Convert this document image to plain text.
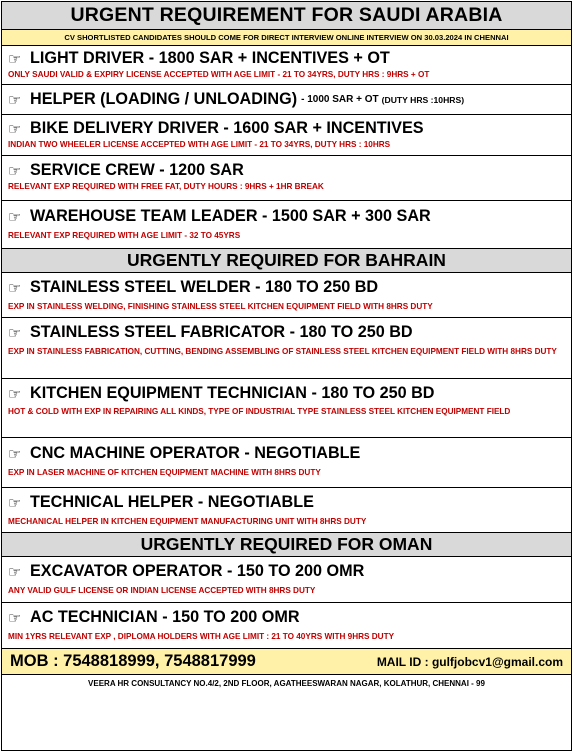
URGENT REQUIREMENT FOR SAUDI ARABIA
CV SHORTLISTED CANDIDATES SHOULD COME FOR DIRECT INTERVIEW ONLINE INTERVIEW ON 30.03.2024 IN CHENNAI
☞ LIGHT DRIVER - 1800 SAR + INCENTIVES + OT
ONLY SAUDI VALID & EXPIRY LICENSE ACCEPTED WITH AGE LIMIT - 21 TO 34YRS, DUTY HRS : 9HRS + OT
☞ HELPER (LOADING / UNLOADING) - 1000 SAR + OT (DUTY HRS :10HRS)
☞ BIKE DELIVERY DRIVER - 1600 SAR + INCENTIVES
INDIAN TWO WHEELER LICENSE ACCEPTED WITH AGE LIMIT - 21 TO 34YRS, DUTY HRS : 10HRS
☞ SERVICE CREW - 1200 SAR
RELEVANT EXP REQUIRED WITH FREE FAT, DUTY HOURS : 9HRS + 1HR BREAK
☞ WAREHOUSE TEAM LEADER - 1500 SAR + 300 SAR
RELEVANT EXP REQUIRED WITH AGE LIMIT - 32 TO 45YRS
URGENTLY REQUIRED FOR BAHRAIN
☞ STAINLESS STEEL WELDER - 180 TO 250 BD
EXP IN STAINLESS WELDING, FINISHING STAINLESS STEEL KITCHEN EQUIPMENT FIELD WITH 8HRS DUTY
☞ STAINLESS STEEL FABRICATOR - 180 TO 250 BD
EXP IN STAINLESS FABRICATION, CUTTING, BENDING ASSEMBLING OF STAINLESS STEEL KITCHEN EQUIPMENT FIELD WITH 8HRS DUTY
☞ KITCHEN EQUIPMENT TECHNICIAN - 180 TO 250 BD
HOT & COLD WITH EXP IN REPAIRING ALL KINDS, TYPE OF INDUSTRIAL TYPE STAINLESS STEEL KITCHEN EQUIPMENT FIELD
☞ CNC MACHINE OPERATOR - NEGOTIABLE
EXP IN LASER MACHINE OF KITCHEN EQUIPMENT MACHINE WITH 8HRS DUTY
☞ TECHNICAL HELPER - NEGOTIABLE
MECHANICAL HELPER IN KITCHEN EQUIPMENT MANUFACTURING UNIT WITH 8HRS DUTY
URGENTLY REQUIRED FOR OMAN
☞ EXCAVATOR OPERATOR - 150 TO 200 OMR
ANY VALID GULF LICENSE OR INDIAN LICENSE ACCEPTED WITH 8HRS DUTY
☞ AC TECHNICIAN - 150 TO 200 OMR
MIN 1YRS RELEVANT EXP , DIPLOMA HOLDERS WITH AGE LIMIT : 21 TO 40YRS WITH 9HRS DUTY
MOB : 7548818999, 7548817999	MAIL ID : gulfjobcv1@gmail.com
VEERA HR CONSULTANCY NO.4/2, 2ND FLOOR, AGATHEESWARAN NAGAR, KOLATHUR, CHENNAI - 99
